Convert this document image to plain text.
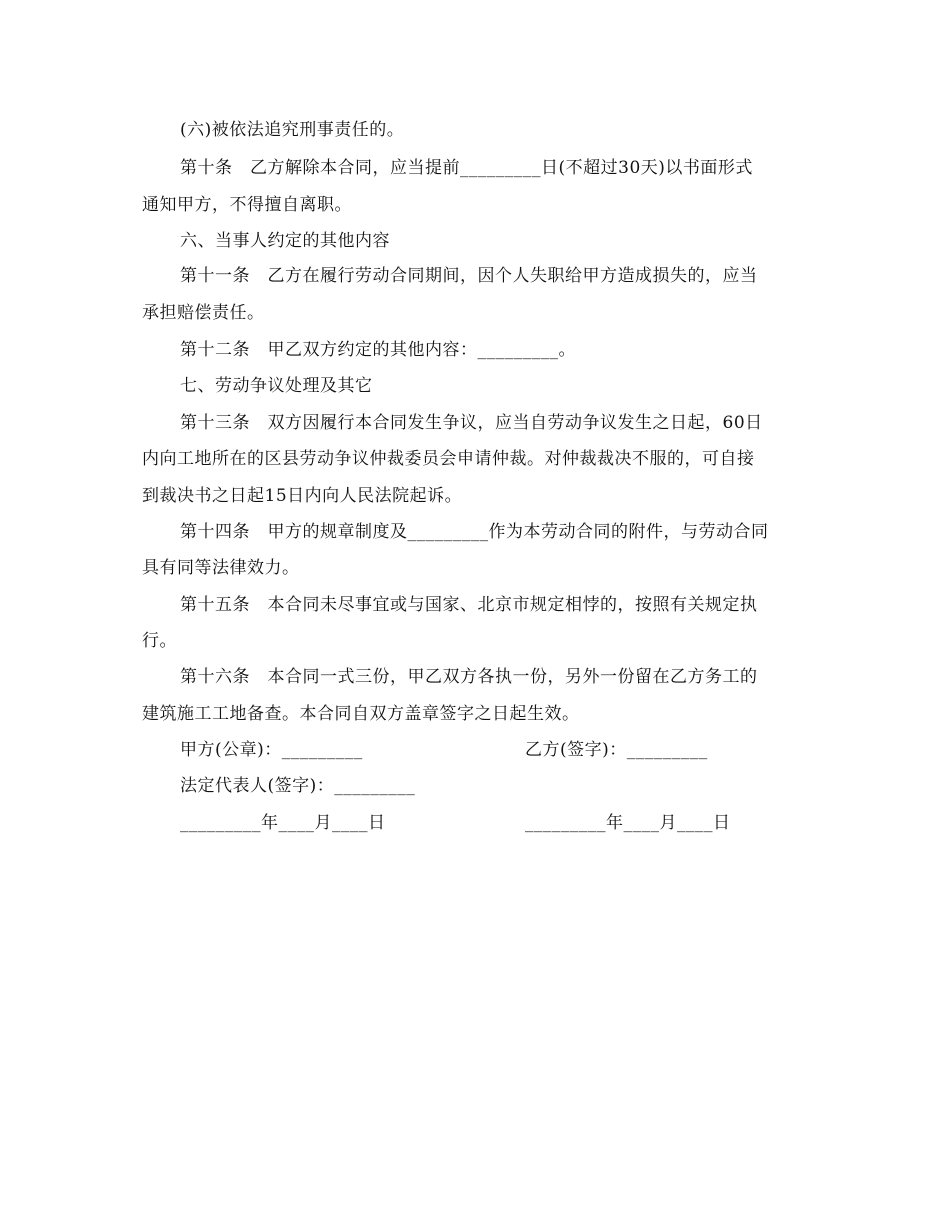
(六)被依法追究刑事责任的。
第十条　乙方解除本合同，应当提前_________日(不超过30天)以书面形式
通知甲方，不得擅自离职。
六、当事人约定的其他内容
第十一条　乙方在履行劳动合同期间，因个人失职给甲方造成损失的，应当
承担赔偿责任。
第十二条　甲乙双方约定的其他内容：_________。
七、劳动争议处理及其它
第十三条　双方因履行本合同发生争议，应当自劳动争议发生之日起，60日
内向工地所在的区县劳动争议仲裁委员会申请仲裁。对仲裁裁决不服的，可自接
到裁决书之日起15日内向人民法院起诉。
第十四条　甲方的规章制度及_________作为本劳动合同的附件，与劳动合同
具有同等法律效力。
第十五条　本合同未尽事宜或与国家、北京市规定相悖的，按照有关规定执
行。
第十六条　本合同一式三份，甲乙双方各执一份，另外一份留在乙方务工的
建筑施工工地备查。本合同自双方盖章签字之日起生效。
甲方(公章)：_________	乙方(签字)：_________
法定代表人(签字)：_________
_________年____月____日	_________年____月____日
